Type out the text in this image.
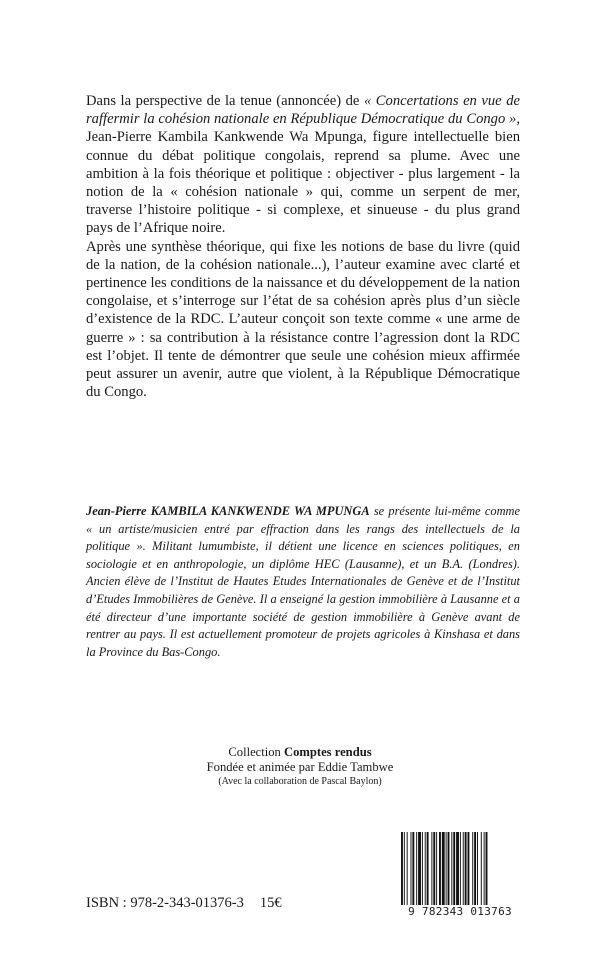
Dans la perspective de la tenue (annoncée) de « Concertations en vue de raffermir la cohésion nationale en République Démocratique du Congo », Jean-Pierre Kambila Kankwende Wa Mpunga, figure intellectuelle bien connue du débat politique congolais, reprend sa plume. Avec une ambition à la fois théorique et politique : objectiver - plus largement - la notion de la « cohésion nationale » qui, comme un serpent de mer, traverse l’histoire politique - si complexe, et sinueuse - du plus grand pays de l’Afrique noire.

Après une synthèse théorique, qui fixe les notions de base du livre (quid de la nation, de la cohésion nationale...), l’auteur examine avec clarté et pertinence les conditions de la naissance et du développement de la nation congolaise, et s’interroge sur l’état de sa cohésion après plus d’un siècle d’existence de la RDC. L’auteur conçoit son texte comme « une arme de guerre » : sa contribution à la résistance contre l’agression dont la RDC est l’objet. Il tente de démontrer que seule une cohésion mieux affirmée peut assurer un avenir, autre que violent, à la République Démocratique du Congo.

Jean-Pierre KAMBILA KANKWENDE WA MPUNGA se présente lui-même comme « un artiste/musicien entré par effraction dans les rangs des intellectuels de la politique ». Militant lumumbiste, il détient une licence en sciences politiques, en sociologie et en anthropologie, un diplôme HEC (Lausanne), et un B.A. (Londres). Ancien élève de l’Institut de Hautes Etudes Internationales de Genève et de l’Institut d’Etudes Immobilières de Genève. Il a enseigné la gestion immobilière à Lausanne et a été directeur d’une importante société de gestion immobilière à Genève avant de rentrer au pays. Il est actuellement promoteur de projets agricoles à Kinshasa et dans la Province du Bas-Congo.
Collection Comptes rendus
Fondée et animée par Eddie Tambwe
(Avec la collaboration de Pascal Baylon)
ISBN : 978-2-343-01376-3 15€
9 782343 013763
